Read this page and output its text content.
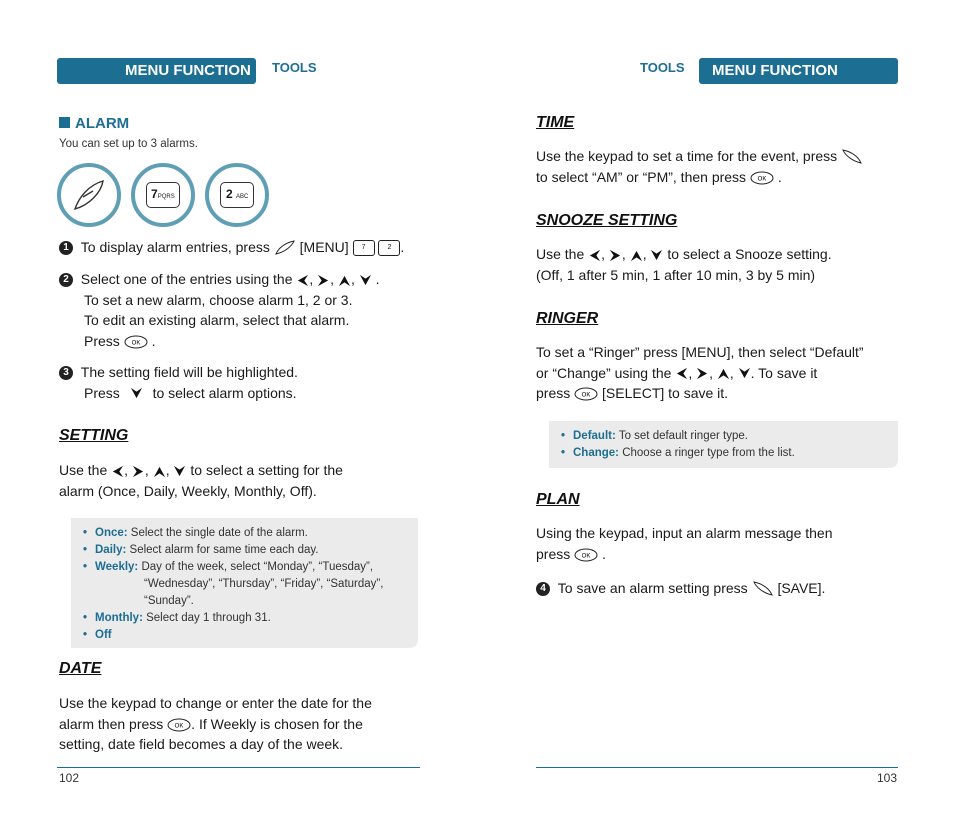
MENU FUNCTION	TOOLS
ALARM
You can set up to 3 alarms.
7PQRS	2 ABC
1 To display alarm entries, press [MENU] 7	2 .
2 Select one of the entries using the , , ,  .
To set a new alarm, choose alarm 1, 2 or 3.
To edit an existing alarm, select that alarm.
Press OK .
3 The setting field will be highlighted.
Press to select alarm options.
SETTING
Use the , , ,  to select a setting for the
alarm (Once, Daily, Weekly, Monthly, Off).
• Once: Select the single date of the alarm.
• Daily: Select alarm for same time each day.
• Weekly: Day of the week, select “Monday”, “Tuesday”,
“Wednesday”, “Thursday”, “Friday”, “Saturday”,
“Sunday”.
• Monthly: Select day 1 through 31.
• Off
DATE
Use the keypad to change or enter the date for the
alarm then press OK . If Weekly is chosen for the
setting, date field becomes a day of the week.
102
TOOLS	MENU FUNCTION
TIME
Use the keypad to set a time for the event, press
to select “AM” or “PM”, then press OK .
SNOOZE SETTING
Use the , , ,  to select a Snooze setting.
(Off, 1 after 5 min, 1 after 10 min, 3 by 5 min)
RINGER
To set a “Ringer” press [MENU], then select “Default”
or “Change” using the , , , . To save it
press OK [SELECT] to save it.
• Default: To set default ringer type.
• Change: Choose a ringer type from the list.
PLAN
Using the keypad, input an alarm message then
press OK .
4 To save an alarm setting press [SAVE].
103
